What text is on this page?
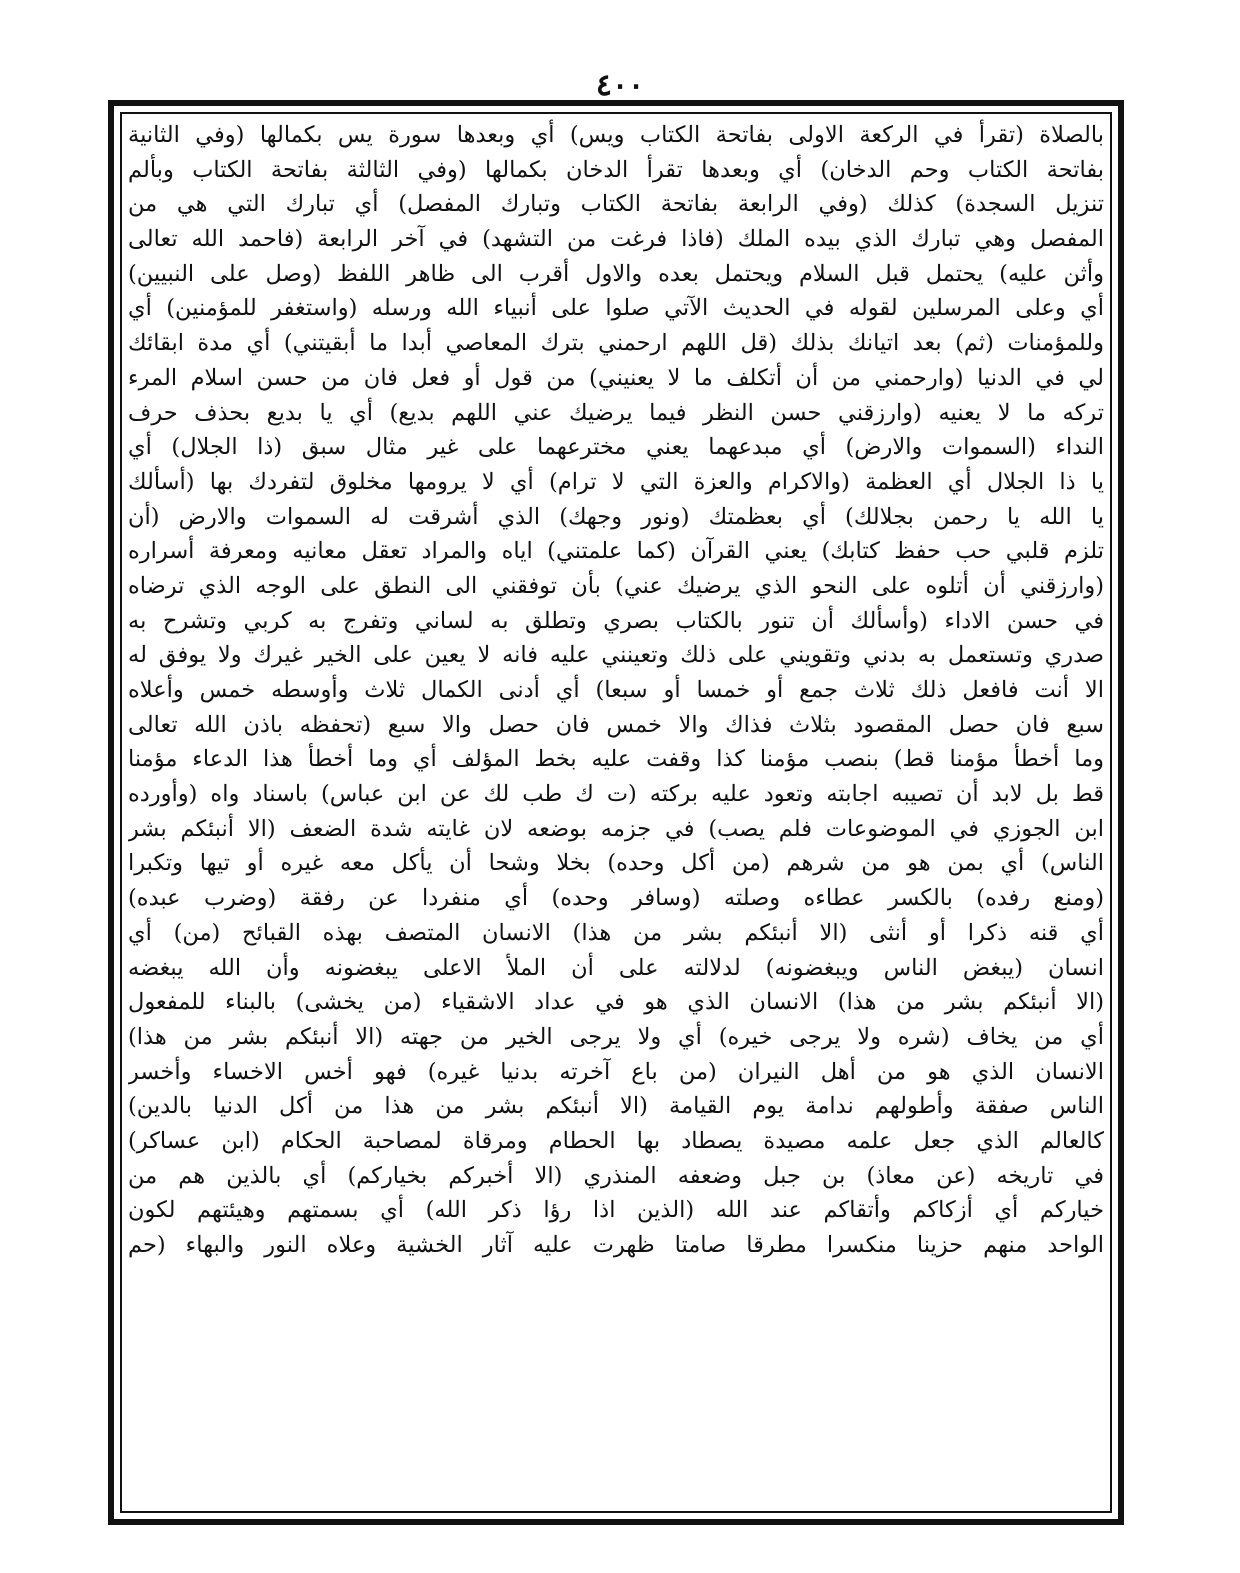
٤٠٠
بالصلاة (تقرأ في الركعة الاولى بفاتحة الكتاب ويس) أي وبعدها سورة يس بكمالها (وفي الثانية
بفاتحة الكتاب وحم الدخان) أي وبعدها تقرأ الدخان بكمالها (وفي الثالثة بفاتحة الكتاب وبألم
تنزيل السجدة) كذلك (وفي الرابعة بفاتحة الكتاب وتبارك المفصل) أي تبارك التي هي من
المفصل وهي تبارك الذي بيده الملك (فاذا فرغت من التشهد) في آخر الرابعة (فاحمد الله تعالى
وأثن عليه) يحتمل قبل السلام ويحتمل بعده والاول أقرب الى ظاهر اللفظ (وصل على النبيين)
أي وعلى المرسلين لقوله في الحديث الآتي صلوا على أنبياء الله ورسله (واستغفر للمؤمنين) أي
وللمؤمنات (ثم) بعد اتيانك بذلك (قل اللهم ارحمني بترك المعاصي أبدا ما أبقيتني) أي مدة ابقائك
لي في الدنيا (وارحمني من أن أتكلف ما لا يعنيني) من قول أو فعل فان من حسن اسلام المرء
تركه ما لا يعنيه (وارزقني حسن النظر فيما يرضيك عني اللهم بديع) أي يا بديع بحذف حرف
النداء (السموات والارض) أي مبدعهما يعني مخترعهما على غير مثال سبق (ذا الجلال) أي
يا ذا الجلال أي العظمة (والاكرام والعزة التي لا ترام) أي لا يرومها مخلوق لتفردك بها (أسألك
يا الله يا رحمن بجلالك) أي بعظمتك (ونور وجهك) الذي أشرقت له السموات والارض (أن
تلزم قلبي حب حفظ كتابك) يعني القرآن (كما علمتني) اياه والمراد تعقل معانيه ومعرفة أسراره
(وارزقني أن أتلوه على النحو الذي يرضيك عني) بأن توفقني الى النطق على الوجه الذي ترضاه
في حسن الاداء (وأسألك أن تنور بالكتاب بصري وتطلق به لساني وتفرج به كربي وتشرح به
صدري وتستعمل به بدني وتقويني على ذلك وتعينني عليه فانه لا يعين على الخير غيرك ولا يوفق له
الا أنت فافعل ذلك ثلاث جمع أو خمسا أو سبعا) أي أدنى الكمال ثلاث وأوسطه خمس وأعلاه
سبع فان حصل المقصود بثلاث فذاك والا خمس فان حصل والا سبع (تحفظه باذن الله تعالى
وما أخطأ مؤمنا قط) بنصب مؤمنا كذا وقفت عليه بخط المؤلف أي وما أخطأ هذا الدعاء مؤمنا
قط بل لابد أن تصيبه اجابته وتعود عليه بركته (ت ك طب لك عن ابن عباس) باسناد واه (وأورده
ابن الجوزي في الموضوعات فلم يصب) في جزمه بوضعه لان غايته شدة الضعف (الا أنبئكم بشر
الناس) أي بمن هو من شرهم (من أكل وحده) بخلا وشحا أن يأكل معه غيره أو تيها وتكبرا
(ومنع رفده) بالكسر عطاءه وصلته (وسافر وحده) أي منفردا عن رفقة (وضرب عبده)
أي قنه ذكرا أو أنثى (الا أنبئكم بشر من هذا) الانسان المتصف بهذه القبائح (من) أي
انسان (يبغض الناس ويبغضونه) لدلالته على أن الملأ الاعلى يبغضونه وأن الله يبغضه
(الا أنبئكم بشر من هذا) الانسان الذي هو في عداد الاشقياء (من يخشى) بالبناء للمفعول
أي من يخاف (شره ولا يرجى خيره) أي ولا يرجى الخير من جهته (الا أنبئكم بشر من هذا)
الانسان الذي هو من أهل النيران (من باع آخرته بدنيا غيره) فهو أخس الاخساء وأخسر
الناس صفقة وأطولهم ندامة يوم القيامة (الا أنبئكم بشر من هذا من أكل الدنيا بالدين)
كالعالم الذي جعل علمه مصيدة يصطاد بها الحطام ومرقاة لمصاحبة الحكام (ابن عساكر)
في تاريخه (عن معاذ) بن جبل وضعفه المنذري (الا أخبركم بخياركم) أي بالذين هم من
خياركم أي أزكاكم وأتقاكم عند الله (الذين اذا رؤا ذكر الله) أي بسمتهم وهيئتهم لكون
الواحد منهم حزينا منكسرا مطرقا صامتا ظهرت عليه آثار الخشية وعلاه النور والبهاء (حم
